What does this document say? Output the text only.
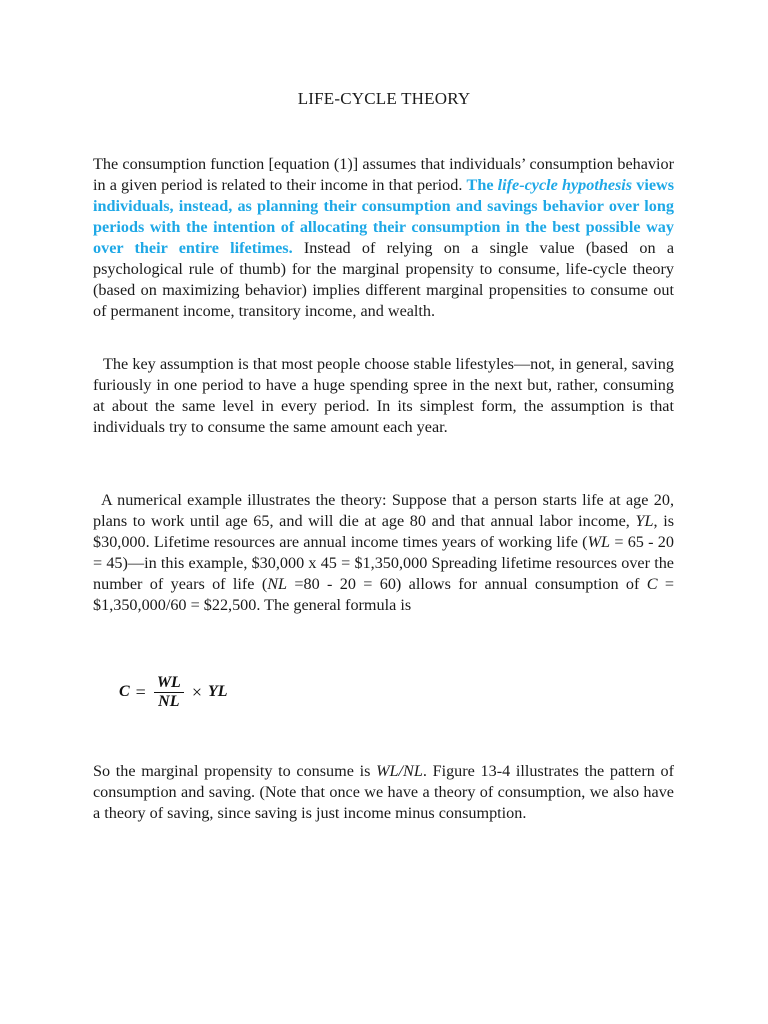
LIFE-CYCLE THEORY

The consumption function [equation (1)] assumes that individuals’ consumption behavior in a given period is related to their income in that period. The life-cycle hypothesis views individuals, instead, as planning their consumption and savings behavior over long periods with the intention of allocating their consumption in the best possible way over their entire lifetimes. Instead of relying on a single value (based on a psychological rule of thumb) for the marginal propensity to consume, life-cycle theory (based on maximizing behavior) implies different marginal propensities to consume out of permanent income, transitory income, and wealth.

The key assumption is that most people choose stable lifestyles—not, in general, saving furiously in one period to have a huge spending spree in the next but, rather, consuming at about the same level in every period. In its simplest form, the assumption is that individuals try to consume the same amount each year.

A numerical example illustrates the theory: Suppose that a person starts life at age 20, plans to work until age 65, and will die at age 80 and that annual labor income, YL, is $30,000. Lifetime resources are annual income times years of working life (WL = 65 - 20 = 45)—in this example, $30,000 x 45 = $1,350,000 Spreading lifetime resources over the number of years of life (NL =80 - 20 = 60) allows for annual consumption of C = $1,350,000/60 = $22,500. The general formula is

$C = \frac{WL}{NL}$ × YL

So the marginal propensity to consume is WL/NL. Figure 13-4 illustrates the pattern of consumption and saving. (Note that once we have a theory of consumption, we also have a theory of saving, since saving is just income minus consumption.
